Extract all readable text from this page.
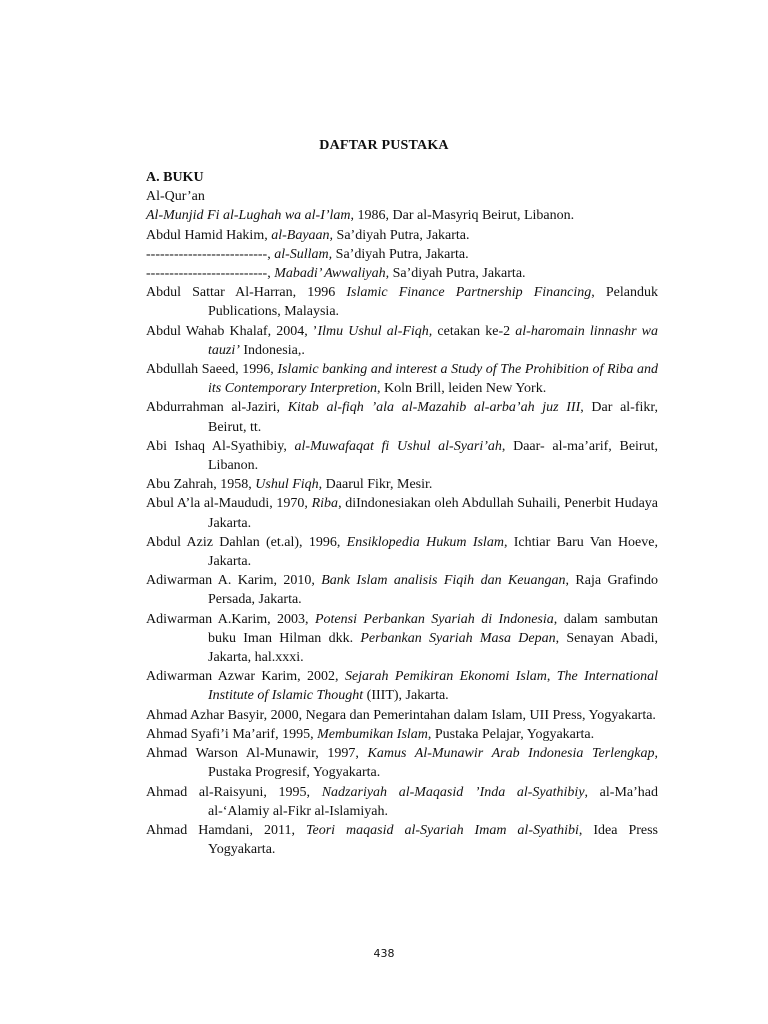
DAFTAR PUSTAKA

A. BUKU

Al-Qur’an

Al-Munjid Fi al-Lughah wa al-I’lam, 1986, Dar al-Masyriq Beirut, Libanon.

Abdul Hamid Hakim, al-Bayaan, Sa’diyah Putra, Jakarta.

--------------------------, al-Sullam, Sa’diyah Putra, Jakarta.

--------------------------, Mabadi’ Awwaliyah, Sa’diyah Putra, Jakarta.

Abdul Sattar Al-Harran, 1996 Islamic Finance Partnership Financing, Pelanduk Publications, Malaysia.

Abdul Wahab Khalaf, 2004, ’Ilmu Ushul al-Fiqh, cetakan ke-2 al-haromain linnashr wa tauzi’ Indonesia,.

Abdullah Saeed, 1996, Islamic banking and interest a Study of The Prohibition of Riba and its Contemporary Interpretion, Koln Brill, leiden New York.

Abdurrahman al-Jaziri, Kitab al-fiqh ’ala al-Mazahib al-arba’ah juz III, Dar al-fikr, Beirut, tt.

Abi Ishaq Al-Syathibiy, al-Muwafaqat fi Ushul al-Syari’ah, Daar- al-ma’arif, Beirut, Libanon.

Abu Zahrah, 1958, Ushul Fiqh, Daarul Fikr, Mesir.

Abul A’la al-Maududi, 1970, Riba, diIndonesiakan oleh Abdullah Suhaili, Penerbit Hudaya Jakarta.

Abdul Aziz Dahlan (et.al), 1996, Ensiklopedia Hukum Islam, Ichtiar Baru Van Hoeve, Jakarta.

Adiwarman A. Karim, 2010, Bank Islam analisis Fiqih dan Keuangan, Raja Grafindo Persada, Jakarta.

Adiwarman A.Karim, 2003, Potensi Perbankan Syariah di Indonesia, dalam sambutan buku Iman Hilman dkk. Perbankan Syariah Masa Depan, Senayan Abadi, Jakarta, hal.xxxi.

Adiwarman Azwar Karim, 2002, Sejarah Pemikiran Ekonomi Islam, The International Institute of Islamic Thought (IIIT), Jakarta.

Ahmad Azhar Basyir, 2000, Negara dan Pemerintahan dalam Islam, UII Press, Yogyakarta.

Ahmad Syafi’i Ma’arif, 1995, Membumikan Islam, Pustaka Pelajar, Yogyakarta.

Ahmad Warson Al-Munawir, 1997, Kamus Al-Munawir Arab Indonesia Terlengkap, Pustaka Progresif, Yogyakarta.

Ahmad al-Raisyuni, 1995, Nadzariyah al-Maqasid ’Inda al-Syathibiy, al-Ma’had al-‘Alamiy al-Fikr al-Islamiyah.

Ahmad Hamdani, 2011, Teori maqasid al-Syariah Imam al-Syathibi, Idea Press Yogyakarta.

438
